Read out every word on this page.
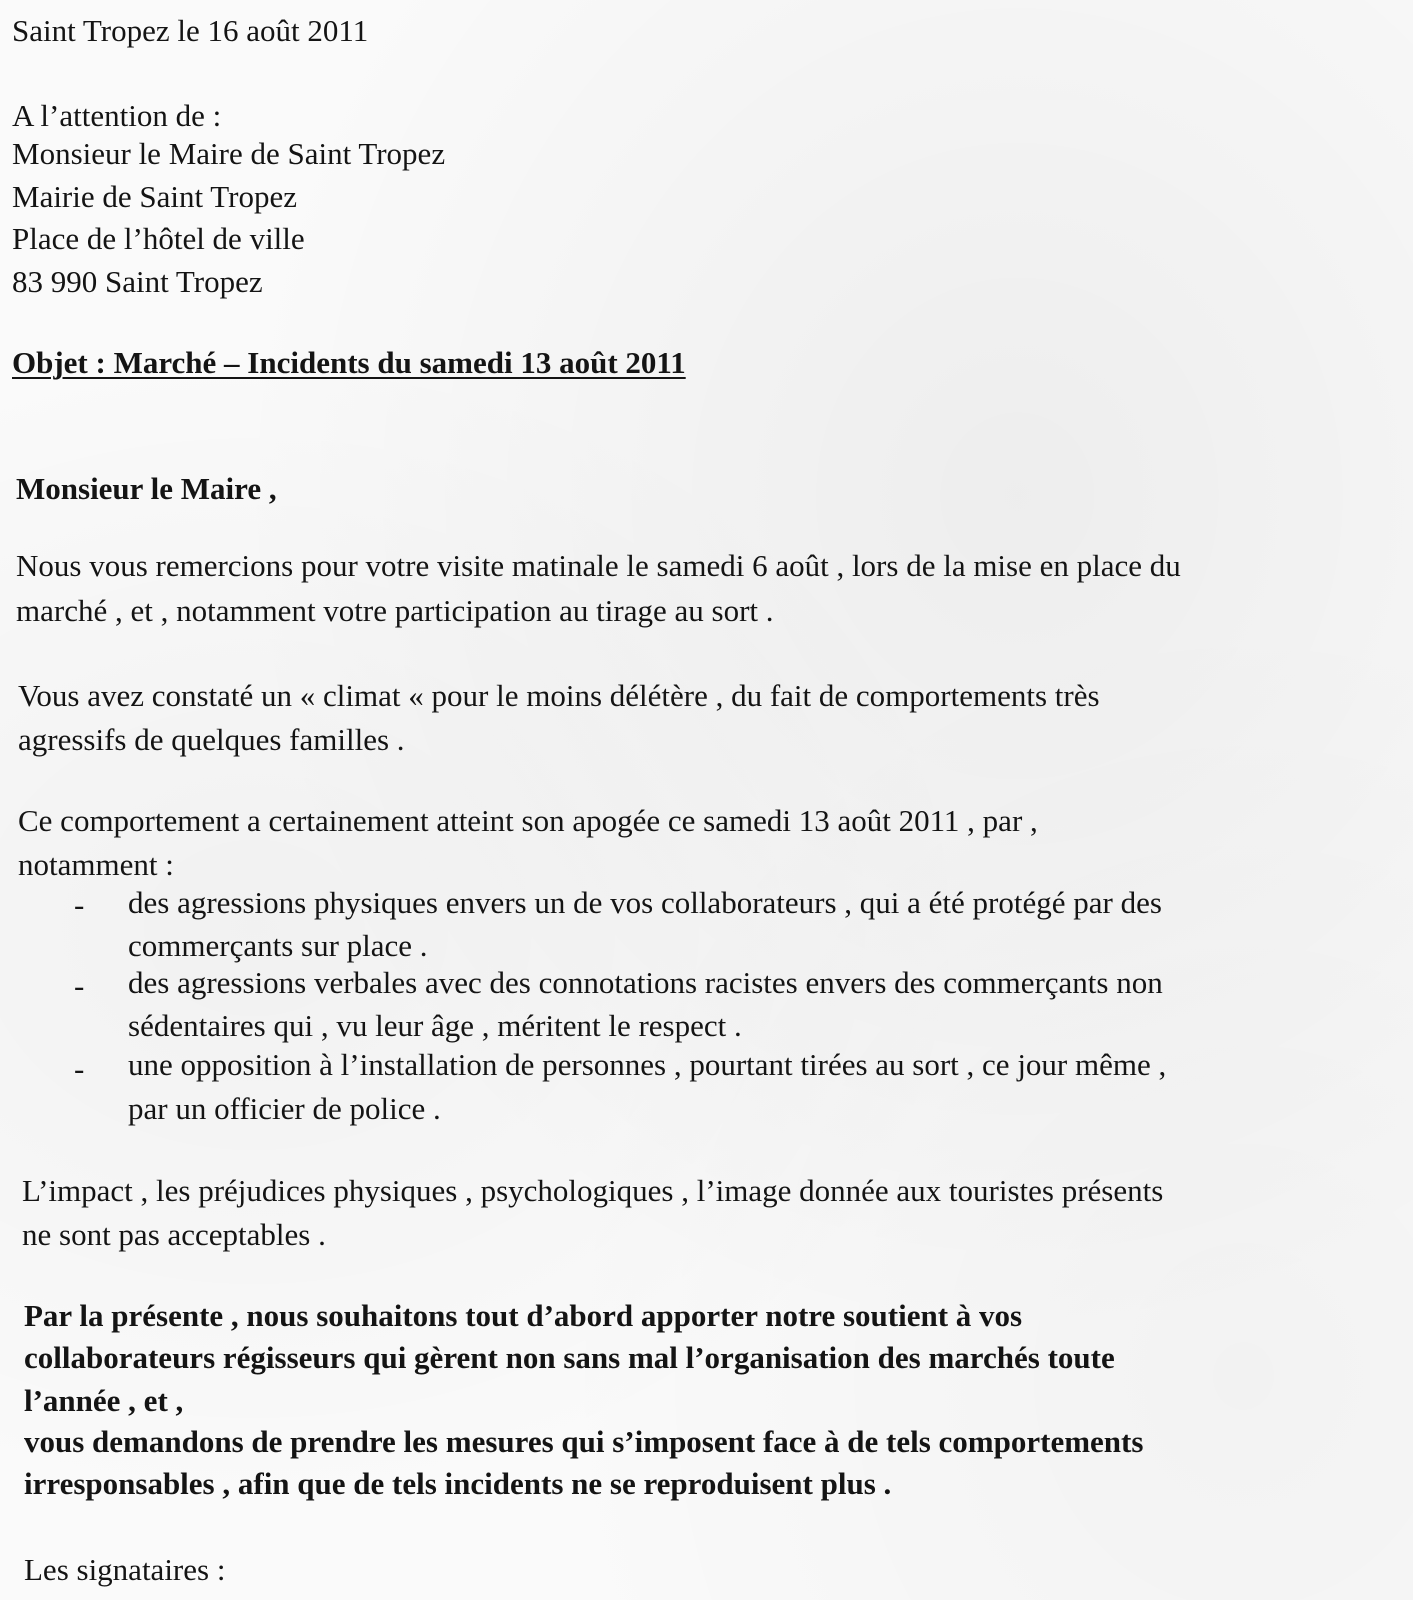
Saint Tropez le 16 août 2011
A l’attention de :
Monsieur le Maire de Saint Tropez
Mairie de Saint Tropez
Place de l’hôtel de ville
83 990 Saint Tropez
Objet : Marché – Incidents du samedi 13 août 2011
Monsieur le Maire ,
Nous vous remercions pour votre visite matinale le samedi 6 août , lors de la mise en place du
marché , et , notamment votre participation au tirage au sort .
Vous avez constaté un « climat « pour le moins délétère , du fait de comportements très
agressifs de quelques familles .
Ce comportement a certainement atteint son apogée ce samedi 13 août 2011 , par ,
notamment :
- des agressions physiques envers un de vos collaborateurs , qui a été protégé par des
commerçants sur place .
- des agressions verbales avec des connotations racistes envers des commerçants non
sédentaires qui , vu leur âge , méritent le respect .
- une opposition à l’installation de personnes , pourtant tirées au sort , ce jour même ,
par un officier de police .
L’impact , les préjudices physiques , psychologiques , l’image donnée aux touristes présents
ne sont pas acceptables .
Par la présente , nous souhaitons tout d’abord apporter notre soutient à vos
collaborateurs régisseurs qui gèrent non sans mal l’organisation des marchés toute
l’année , et ,
vous demandons de prendre les mesures qui s’imposent face à de tels comportements
irresponsables , afin que de tels incidents ne se reproduisent plus .
Les signataires :
